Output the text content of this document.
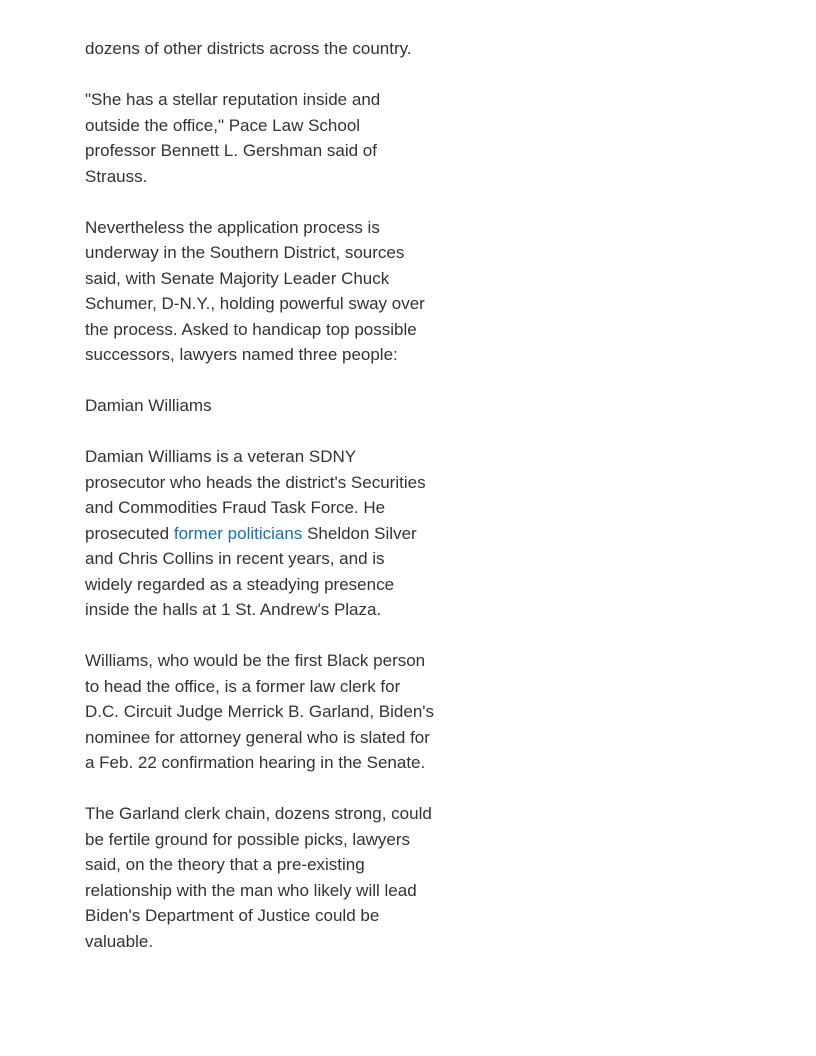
dozens of other districts across the country.

"She has a stellar reputation inside and outside the office," Pace Law School professor Bennett L. Gershman said of Strauss.

Nevertheless the application process is underway in the Southern District, sources said, with Senate Majority Leader Chuck Schumer, D-N.Y., holding powerful sway over the process. Asked to handicap top possible successors, lawyers named three people:

Damian Williams

Damian Williams is a veteran SDNY prosecutor who heads the district's Securities and Commodities Fraud Task Force. He prosecuted former politicians Sheldon Silver and Chris Collins in recent years, and is widely regarded as a steadying presence inside the halls at 1 St. Andrew's Plaza.

Williams, who would be the first Black person to head the office, is a former law clerk for D.C. Circuit Judge Merrick B. Garland, Biden's nominee for attorney general who is slated for a Feb. 22 confirmation hearing in the Senate.

The Garland clerk chain, dozens strong, could be fertile ground for possible picks, lawyers said, on the theory that a pre-existing relationship with the man who likely will lead Biden's Department of Justice could be valuable.
